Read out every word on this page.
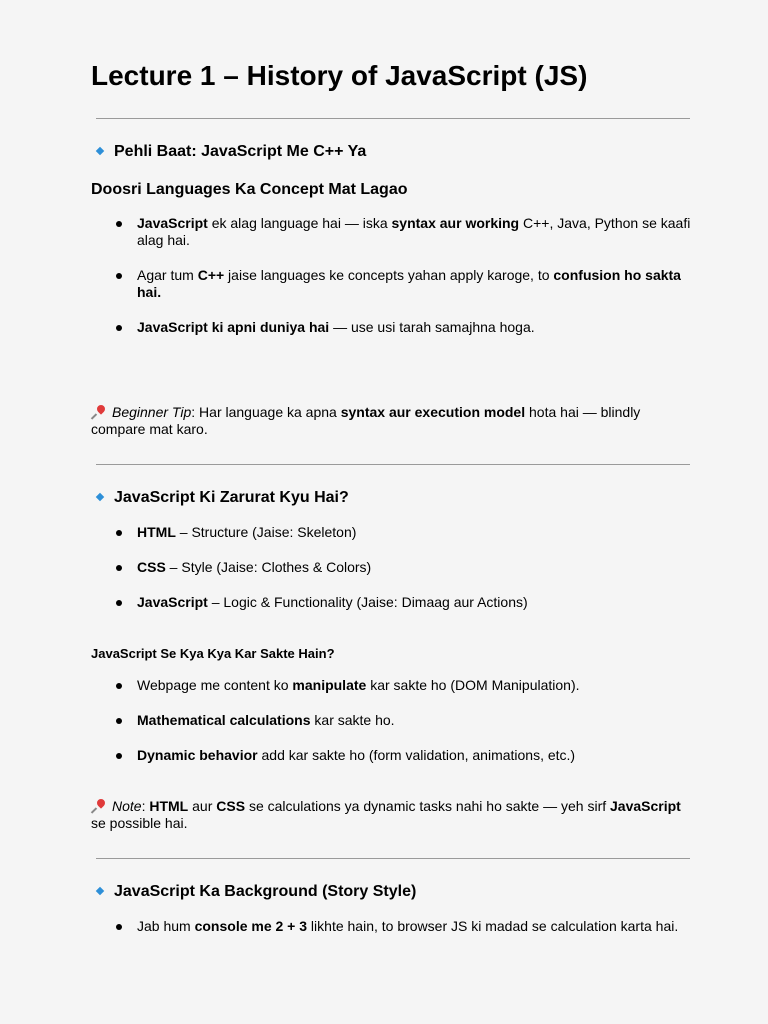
Lecture 1 – History of JavaScript (JS)
Pehli Baat: JavaScript Me C++ Ya
Doosri Languages Ka Concept Mat Lagao
JavaScript ek alag language hai — iska syntax aur working C++, Java, Python se kaafi alag hai.
Agar tum C++ jaise languages ke concepts yahan apply karoge, to confusion ho sakta hai.
JavaScript ki apni duniya hai — use usi tarah samajhna hoga.
Beginner Tip: Har language ka apna syntax aur execution model hota hai — blindly compare mat karo.
JavaScript Ki Zarurat Kyu Hai?
HTML – Structure (Jaise: Skeleton)
CSS – Style (Jaise: Clothes & Colors)
JavaScript – Logic & Functionality (Jaise: Dimaag aur Actions)
JavaScript Se Kya Kya Kar Sakte Hain?
Webpage me content ko manipulate kar sakte ho (DOM Manipulation).
Mathematical calculations kar sakte ho.
Dynamic behavior add kar sakte ho (form validation, animations, etc.)
Note: HTML aur CSS se calculations ya dynamic tasks nahi ho sakte — yeh sirf JavaScript se possible hai.
JavaScript Ka Background (Story Style)
Jab hum console me 2 + 3 likhte hain, to browser JS ki madad se calculation karta hai.
